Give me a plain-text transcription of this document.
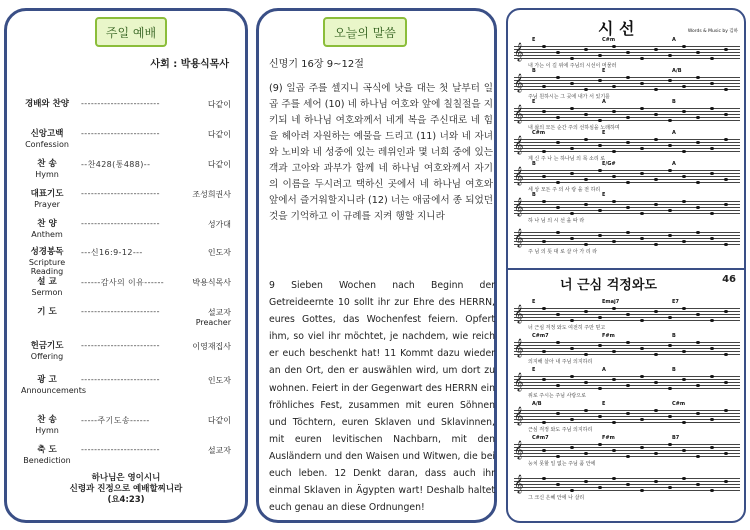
주일 예배
사회 : 박용식목사
경배와 찬양	------------------------	다같이
신앙고백
Confession
------------------------	다같이
찬 송
Hymn
--찬428(통488)--	다같이
대표기도
Prayer
------------------------	조성희권사
찬 양
Anthem
------------------------	성가대
성경봉독
Scripture Reading
---신16:9-12---	인도자
설 교
Sermon
------감사의 이유------	박용식목사
기 도	------------------------	설교자
Preacher
헌금기도
Offering
------------------------	이영재집사
광 고
Announcements
------------------------	인도자
찬 송
Hymn
-----주기도송------	다같이
축 도
Benediction
------------------------	설교자
하나님은 영이시니
신령과 진정으로 예배할찌니라
(요4:23)
오늘의 말씀
신명기 16장 9~12절
(9) 일곱 주를 셀지니 곡식에 낫을 대는 첫 날부터 일곱 주를 세어 (10) 네 하나님 여호와 앞에 칠칠절을 지키되 네 하나님 여호와께서 네게 복을 주신대로 네 힘을 헤아려 자원하는 예물을 드리고 (11) 너와 네 자녀와 노비와 네 성중에 있는 레위인과 몇 너희 중에 있는 객과 고아와 과부가 함께 네 하나님 여호와께서 자기의 이름을 두시려고 택하신 곳에서 네 하나님 여호와 앞에서 즐거워할지니라 (12) 너는 애굽에서 종 되었던 것을 기억하고 이 규례를 지켜 행할 지니라
9 Sieben Wochen nach Beginn der Getreideernte 10 sollt ihr zur Ehre des HERRN, eures Gottes, das Wochenfest feiern. Opfert ihm, so viel ihr möchtet, je nachdem, wie reich er euch beschenkt hat! 11 Kommt dazu wieder an den Ort, den er auswählen wird, um dort zu wohnen. Feiert in der Gegenwart des HERRN ein fröhliches Fest, zusammen mit euren Söhnen und Töchtern, euren Sklaven und Sklavinnen, mit euren levitischen Nachbarn, mit den Ausländern und den Waisen und Witwen, die bei euch leben. 12 Denkt daran, dass auch ihr einmal Sklaven in Ägypten wart! Deshalb haltet euch genau an diese Ordnungen!
시 선	Words & Music by 김하
𝄞
E	C#m	A
내 가는 이 길 위에 주님의 시선이 머물러
𝄞
B	E	A/B
주님 원하시는 그 곳에 내가 서 있기를
𝄞
E	A	B
내 삶의 모든 순간 주의 선하심을 노래하며
𝄞
C#m	E	A
계 신 주 나 는 하나님 의 목 소리 로
𝄞
B	E/G#	A
세 상 모든 주 의 사 랑 을 전 하리
𝄞
B	E
하 나 님 의 시 선 을 따 라
𝄞
주 님 의 뜻 대 로 살 아 가 리 라
너 근심 걱정와도	46
𝄞
E	Emaj7	E7
너 근심 걱정 와도 여전히 주만 믿고
𝄞
C#m7	F#m	B
의지해 살아 내 주님 의지하리
𝄞
E	A	B
위로 주시는 주님 사랑으로
𝄞
A/B	E	C#m
근심 걱정 와도 주님 의지하리
𝄞
C#m7	F#m	B7
능치 못할 일 없는 주님 품 안에
𝄞
그 크신 은혜 안에 나 살리
